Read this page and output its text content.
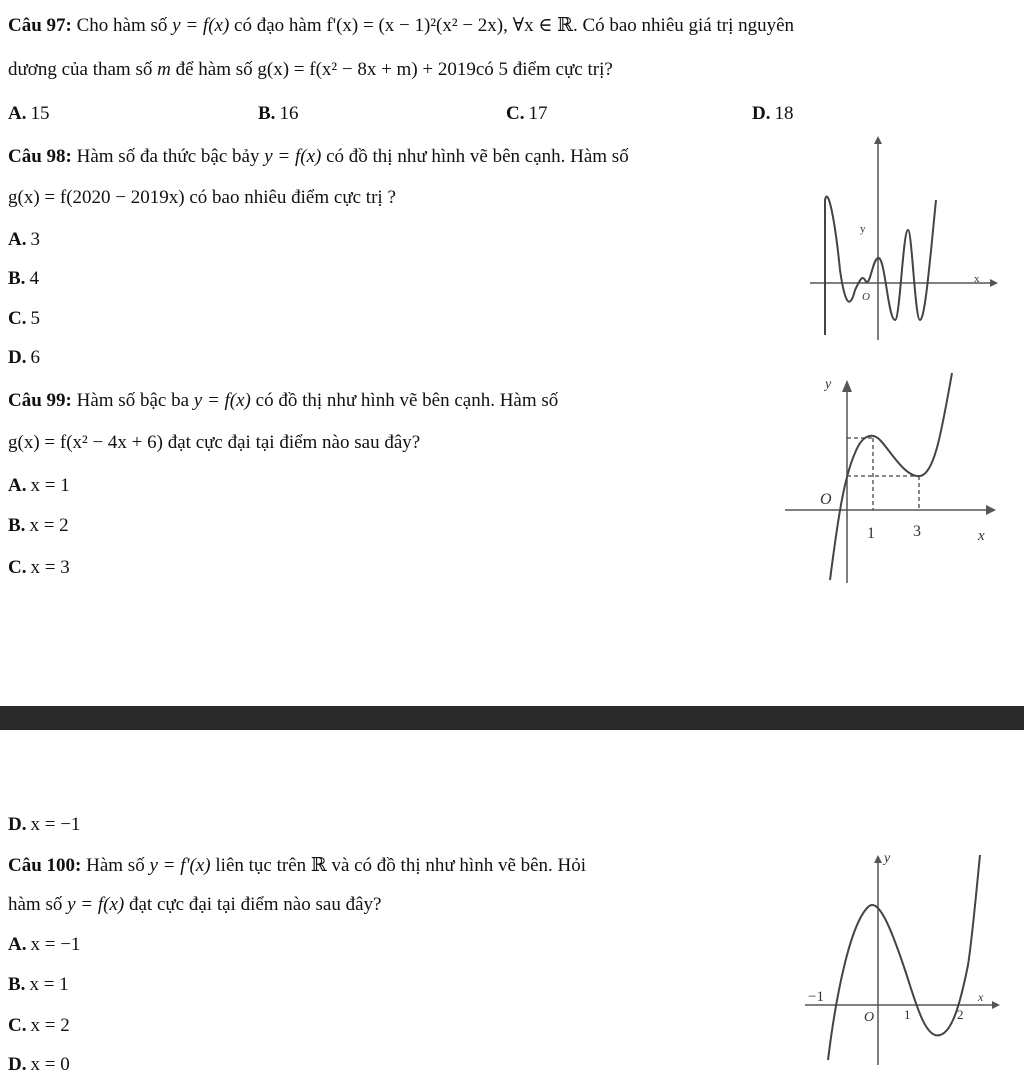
Câu 97: Cho hàm số y = f(x) có đạo hàm f'(x) = (x − 1)²(x² − 2x), ∀x ∈ ℝ. Có bao nhiêu giá trị nguyên
dương của tham số m để hàm số g(x) = f(x² − 8x + m) + 2019có 5 điểm cực trị?
A. 15	B. 16	C. 17	D. 18
Câu 98: Hàm số đa thức bậc bảy y = f(x) có đồ thị như hình vẽ bên cạnh. Hàm số
g(x) = f(2020 − 2019x) có bao nhiêu điểm cực trị ?
A. 3
B. 4
C. 5
D. 6
y
x
O
Câu 99: Hàm số bậc ba y = f(x) có đồ thị như hình vẽ bên cạnh. Hàm số
g(x) = f(x² − 4x + 6) đạt cực đại tại điểm nào sau đây?
A. x = 1
B. x = 2
C. x = 3
y
O
1 3	x
D. x = −1
Câu 100: Hàm số y = f'(x) liên tục trên ℝ và có đồ thị như hình vẽ bên. Hỏi
hàm số y = f(x) đạt cực đại tại điểm nào sau đây?
A. x = −1
B. x = 1
C. x = 2
D. x = 0
y
x
−1
O 1	2
